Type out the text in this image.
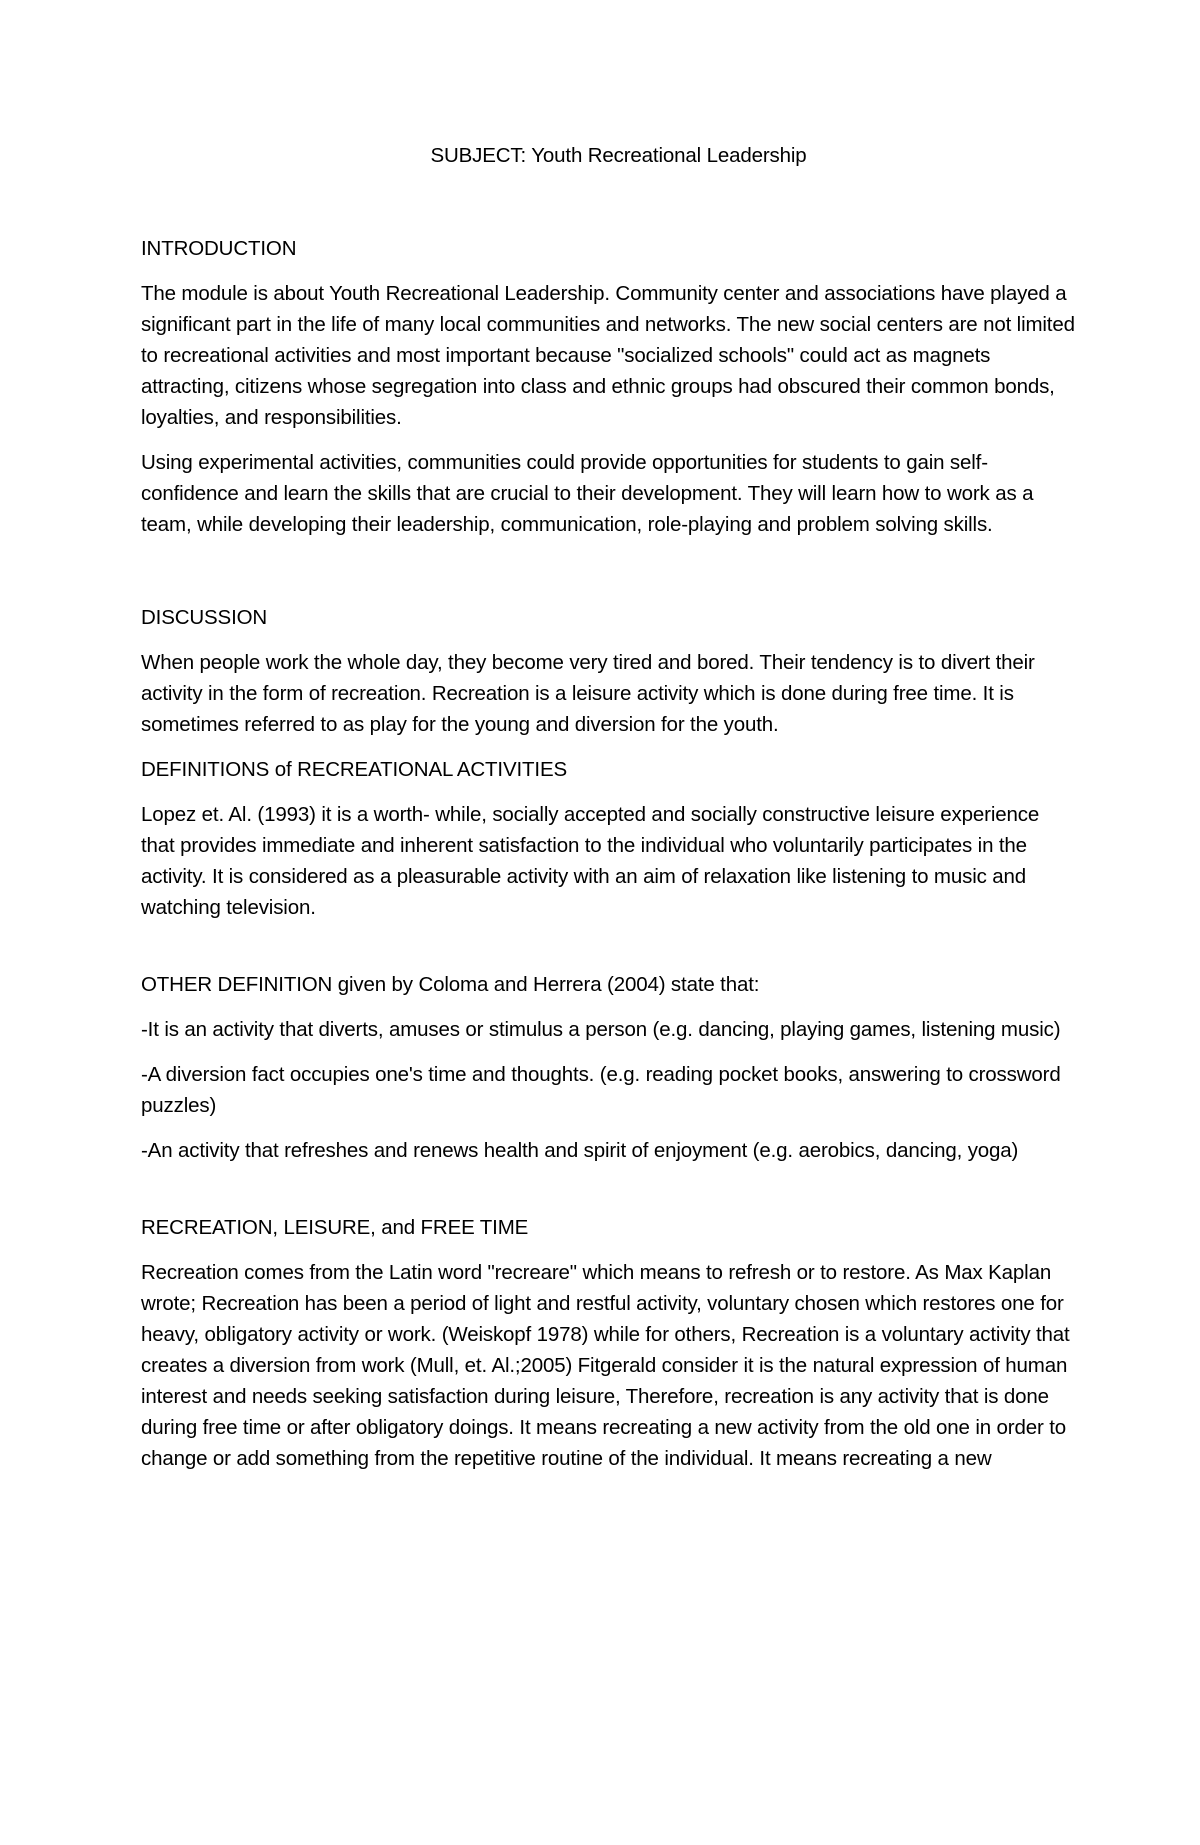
SUBJECT: Youth Recreational Leadership
INTRODUCTION

The module is about Youth Recreational Leadership. Community center and associations have played a significant part in the life of many local communities and networks. The new social centers are not limited to recreational activities and most important because "socialized schools" could act as magnets attracting, citizens whose segregation into class and ethnic groups had obscured their common bonds, loyalties, and responsibilities.

Using experimental activities, communities could provide opportunities for students to gain self-confidence and learn the skills that are crucial to their development. They will learn how to work as a team, while developing their leadership, communication, role-playing and problem solving skills.

DISCUSSION

When people work the whole day, they become very tired and bored. Their tendency is to divert their activity in the form of recreation. Recreation is a leisure activity which is done during free time. It is sometimes referred to as play for the young and diversion for the youth.

DEFINITIONS of RECREATIONAL ACTIVITIES

Lopez et. Al. (1993) it is a worth- while, socially accepted and socially constructive leisure experience that provides immediate and inherent satisfaction to the individual who voluntarily participates in the activity. It is considered as a pleasurable activity with an aim of relaxation like listening to music and watching television.

OTHER DEFINITION given by Coloma and Herrera (2004) state that:

-It is an activity that diverts, amuses or stimulus a person (e.g. dancing, playing games, listening music)

-A diversion fact occupies one's time and thoughts. (e.g. reading pocket books, answering to crossword puzzles)

-An activity that refreshes and renews health and spirit of enjoyment (e.g. aerobics, dancing, yoga)

RECREATION, LEISURE, and FREE TIME

Recreation comes from the Latin word "recreare" which means to refresh or to restore. As Max Kaplan wrote; Recreation has been a period of light and restful activity, voluntary chosen which restores one for heavy, obligatory activity or work. (Weiskopf 1978) while for others, Recreation is a voluntary activity that creates a diversion from work (Mull, et. Al.;2005) Fitgerald consider it is the natural expression of human interest and needs seeking satisfaction during leisure, Therefore, recreation is any activity that is done during free time or after obligatory doings. It means recreating a new activity from the old one in order to change or add something from the repetitive routine of the individual. It means recreating a new
